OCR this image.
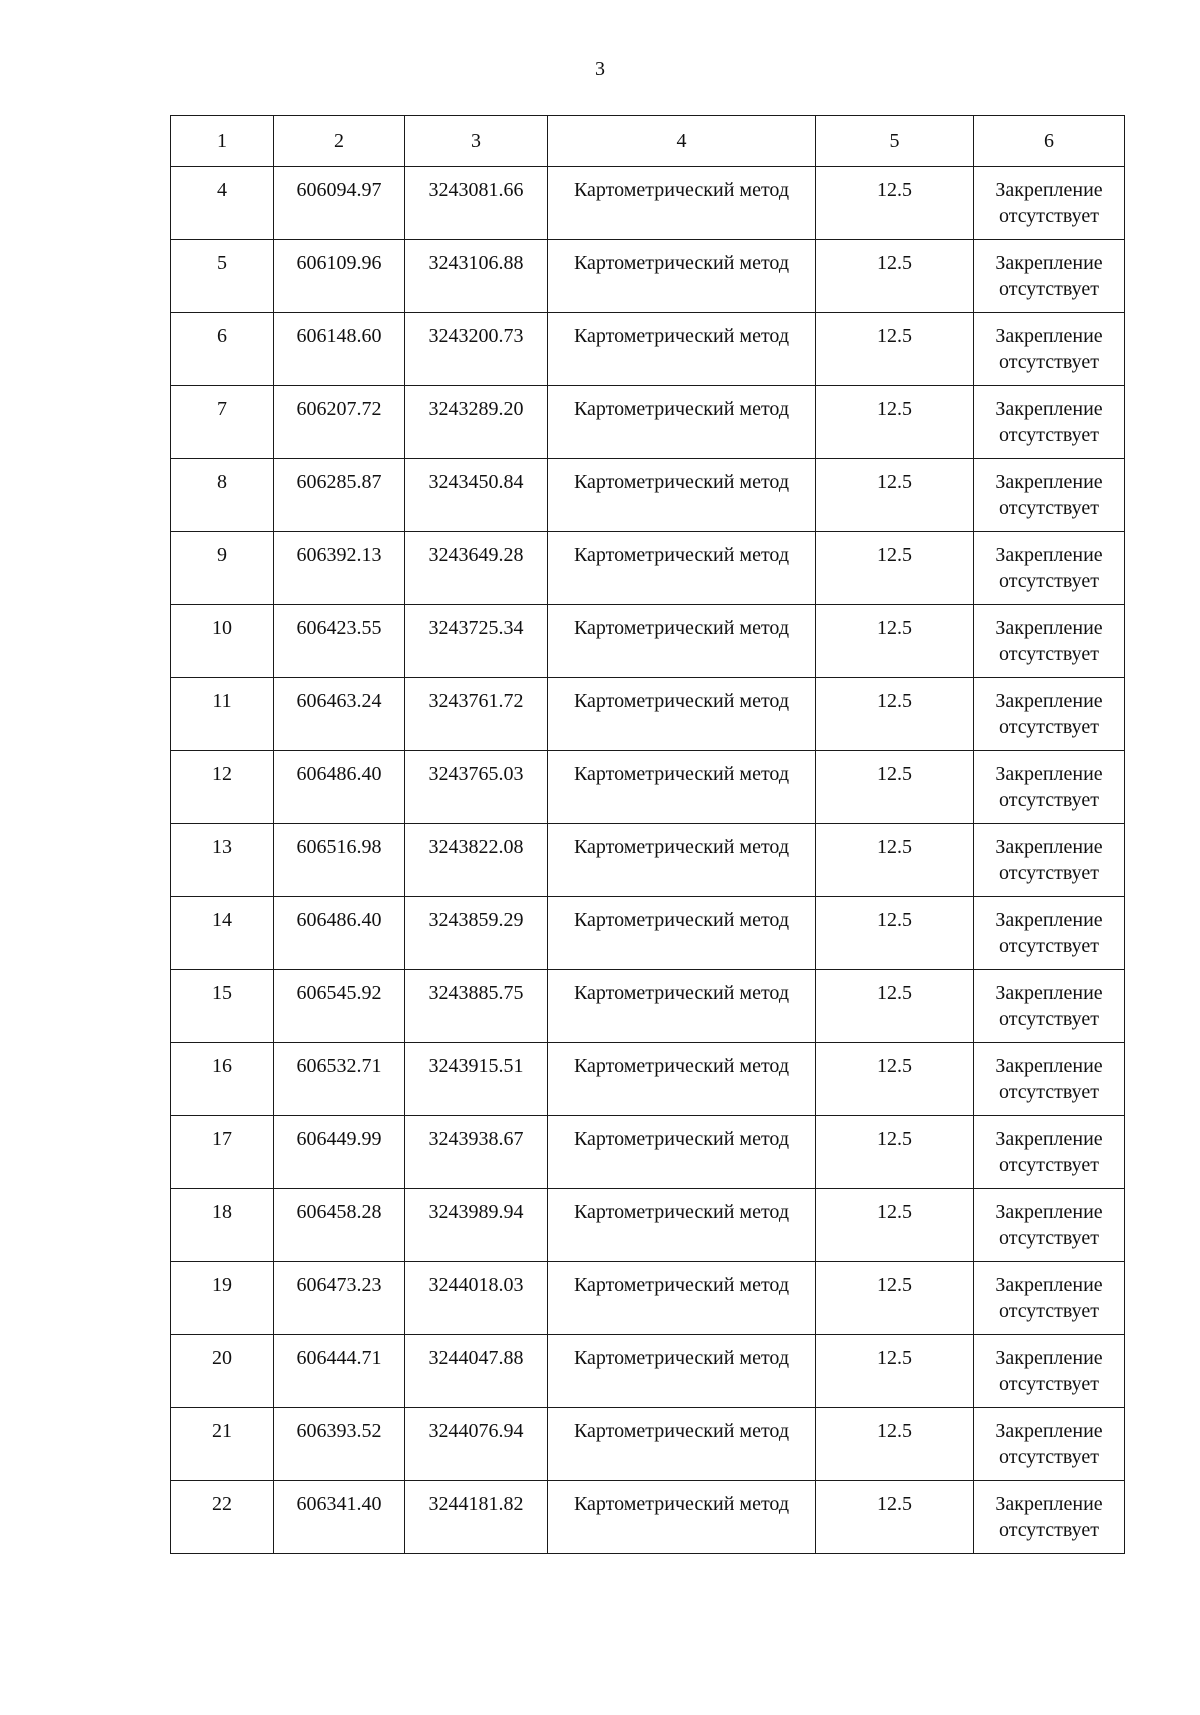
3
1	2	3	4	5	6
4	606094.97	3243081.66	Картометрический метод	12.5	Закрепление
отсутствует

5	606109.96	3243106.88	Картометрический метод	12.5	Закрепление
отсутствует

6	606148.60	3243200.73	Картометрический метод	12.5	Закрепление
отсутствует

7	606207.72	3243289.20	Картометрический метод	12.5	Закрепление
отсутствует

8	606285.87	3243450.84	Картометрический метод	12.5	Закрепление
отсутствует

9	606392.13	3243649.28	Картометрический метод	12.5	Закрепление
отсутствует

10	606423.55	3243725.34	Картометрический метод	12.5	Закрепление
отсутствует

11	606463.24	3243761.72	Картометрический метод	12.5	Закрепление
отсутствует

12	606486.40	3243765.03	Картометрический метод	12.5	Закрепление
отсутствует

13	606516.98	3243822.08	Картометрический метод	12.5	Закрепление
отсутствует

14	606486.40	3243859.29	Картометрический метод	12.5	Закрепление
отсутствует

15	606545.92	3243885.75	Картометрический метод	12.5	Закрепление
отсутствует

16	606532.71	3243915.51	Картометрический метод	12.5	Закрепление
отсутствует

17	606449.99	3243938.67	Картометрический метод	12.5	Закрепление
отсутствует

18	606458.28	3243989.94	Картометрический метод	12.5	Закрепление
отсутствует

19	606473.23	3244018.03	Картометрический метод	12.5	Закрепление
отсутствует

20	606444.71	3244047.88	Картометрический метод	12.5	Закрепление
отсутствует

21	606393.52	3244076.94	Картометрический метод	12.5	Закрепление
отсутствует

22	606341.40	3244181.82	Картометрический метод	12.5	Закрепление
отсутствует
